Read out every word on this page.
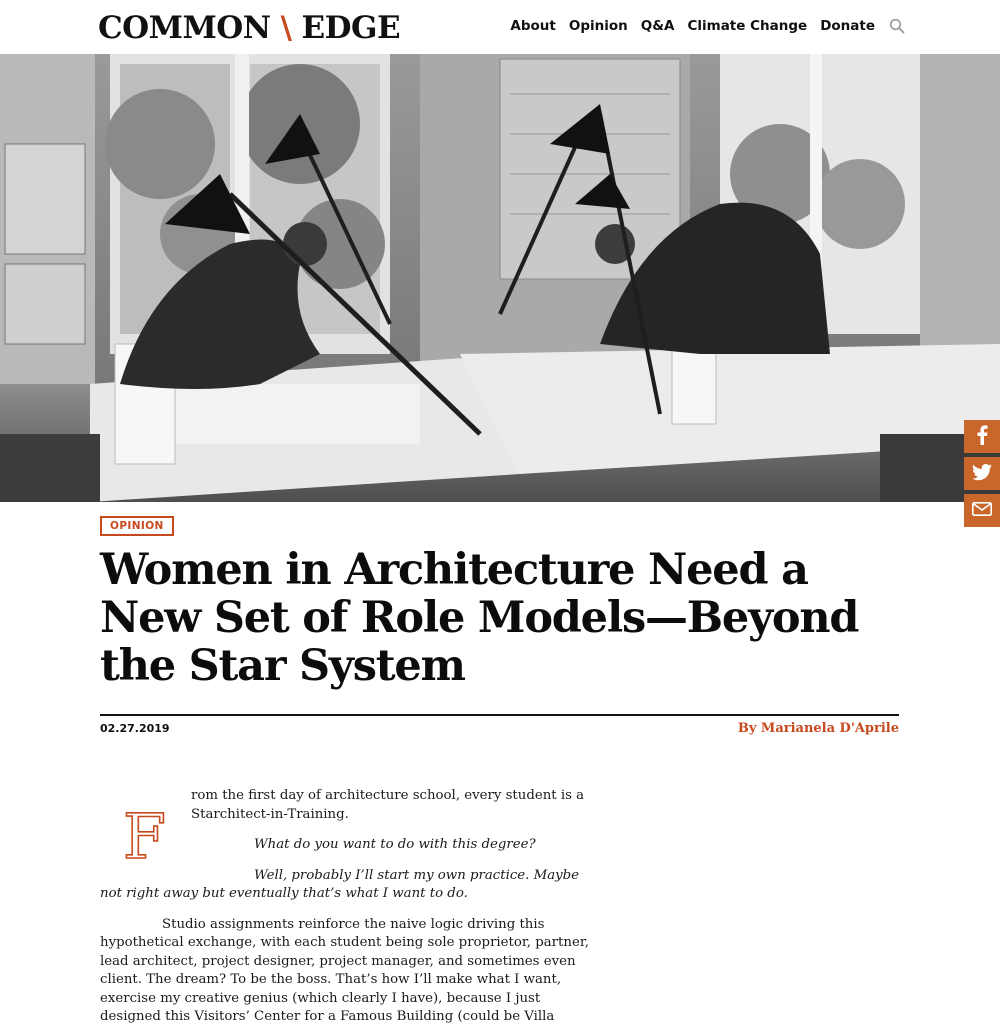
COMMON \ EDGE	About Opinion Q&A Climate Change Donate
OPINION
Women in Architecture Need a New Set of Role Models—Beyond the Star System
02.27.2019	By Marianela D'Aprile
F

rom the first day of architecture school, every student is a Starchitect-in-Training.

What do you want to do with this degree?

Well, probably I’ll start my own practice. Maybe not right away but eventually that’s what I want to do.

Studio assignments reinforce the naive logic driving this hypothetical exchange, with each student being sole proprietor, partner, lead architect, project designer, project manager, and sometimes even client. The dream? To be the boss. That’s how I’ll make what I want, exercise my creative genius (which clearly I have), because I just designed this Visitors’ Center for a Famous Building (could be Villa
